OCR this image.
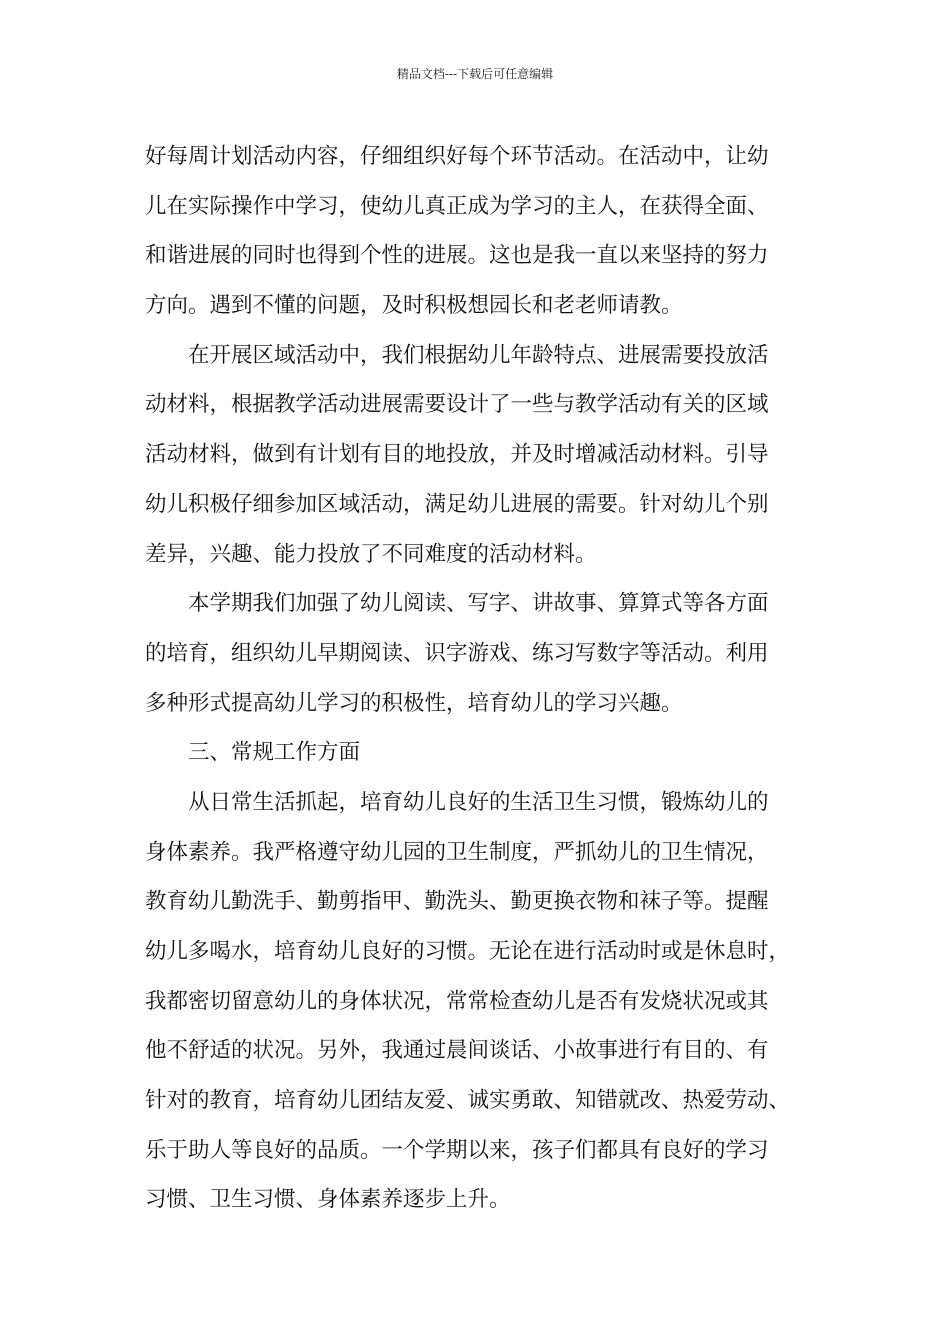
精品文档---下载后可任意编辑
好每周计划活动内容，仔细组织好每个环节活动。在活动中，让幼
儿在实际操作中学习，使幼儿真正成为学习的主人，在获得全面、
和谐进展的同时也得到个性的进展。这也是我一直以来坚持的努力
方向。遇到不懂的问题，及时积极想园长和老老师请教。
在开展区域活动中，我们根据幼儿年龄特点、进展需要投放活
动材料，根据教学活动进展需要设计了一些与教学活动有关的区域
活动材料，做到有计划有目的地投放，并及时增减活动材料。引导
幼儿积极仔细参加区域活动，满足幼儿进展的需要。针对幼儿个别
差异，兴趣、能力投放了不同难度的活动材料。
本学期我们加强了幼儿阅读、写字、讲故事、算算式等各方面
的培育，组织幼儿早期阅读、识字游戏、练习写数字等活动。利用
多种形式提高幼儿学习的积极性，培育幼儿的学习兴趣。
三、常规工作方面
从日常生活抓起，培育幼儿良好的生活卫生习惯，锻炼幼儿的
身体素养。我严格遵守幼儿园的卫生制度，严抓幼儿的卫生情况，
教育幼儿勤洗手、勤剪指甲、勤洗头、勤更换衣物和袜子等。提醒
幼儿多喝水，培育幼儿良好的习惯。无论在进行活动时或是休息时，
我都密切留意幼儿的身体状况，常常检查幼儿是否有发烧状况或其
他不舒适的状况。另外，我通过晨间谈话、小故事进行有目的、有
针对的教育，培育幼儿团结友爱、诚实勇敢、知错就改、热爱劳动、
乐于助人等良好的品质。一个学期以来，孩子们都具有良好的学习
习惯、卫生习惯、身体素养逐步上升。
